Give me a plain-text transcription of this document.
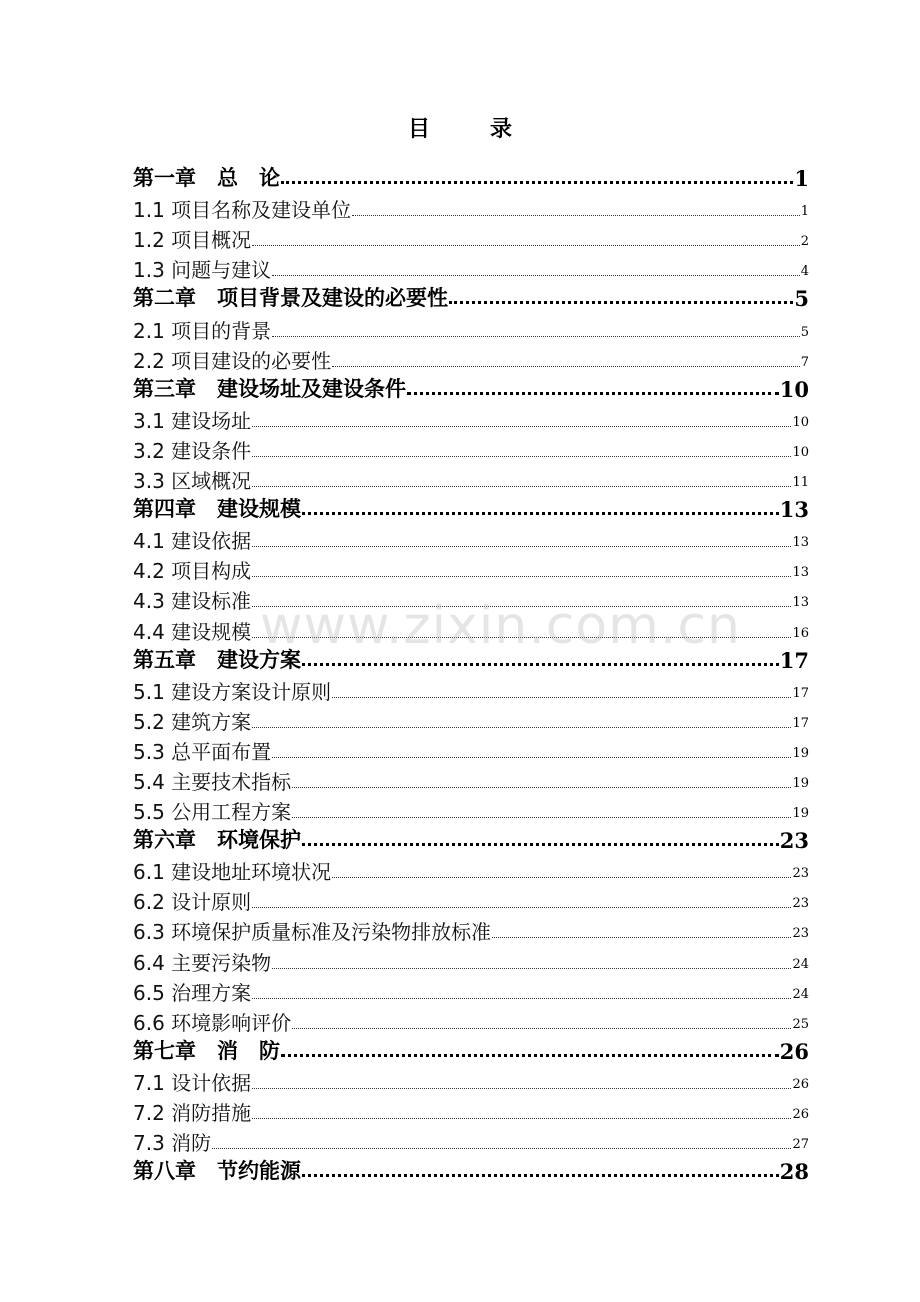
目	录
第一章　总　论	1
1.1 项目名称及建设单位	1
1.2 项目概况	2
1.3 问题与建议	4
第二章　项目背景及建设的必要性	5
2.1 项目的背景	5
2.2 项目建设的必要性	7
第三章　建设场址及建设条件	10
3.1 建设场址	10
3.2 建设条件	10
3.3 区域概况	11
第四章　建设规模	13
4.1 建设依据	13
4.2 项目构成	13
4.3 建设标准	13
4.4 建设规模	16
第五章　建设方案	17
5.1 建设方案设计原则	17
5.2 建筑方案	17
5.3 总平面布置	19
5.4 主要技术指标	19
5.5 公用工程方案	19
第六章　环境保护	23
6.1 建设地址环境状况	23
6.2 设计原则	23
6.3 环境保护质量标准及污染物排放标准	23
6.4 主要污染物	24
6.5 治理方案	24
6.6 环境影响评价	25
第七章　消　防	26
7.1 设计依据	26
7.2 消防措施	26
7.3 消防	27
第八章　节约能源	28
www.zixin.com.cn
